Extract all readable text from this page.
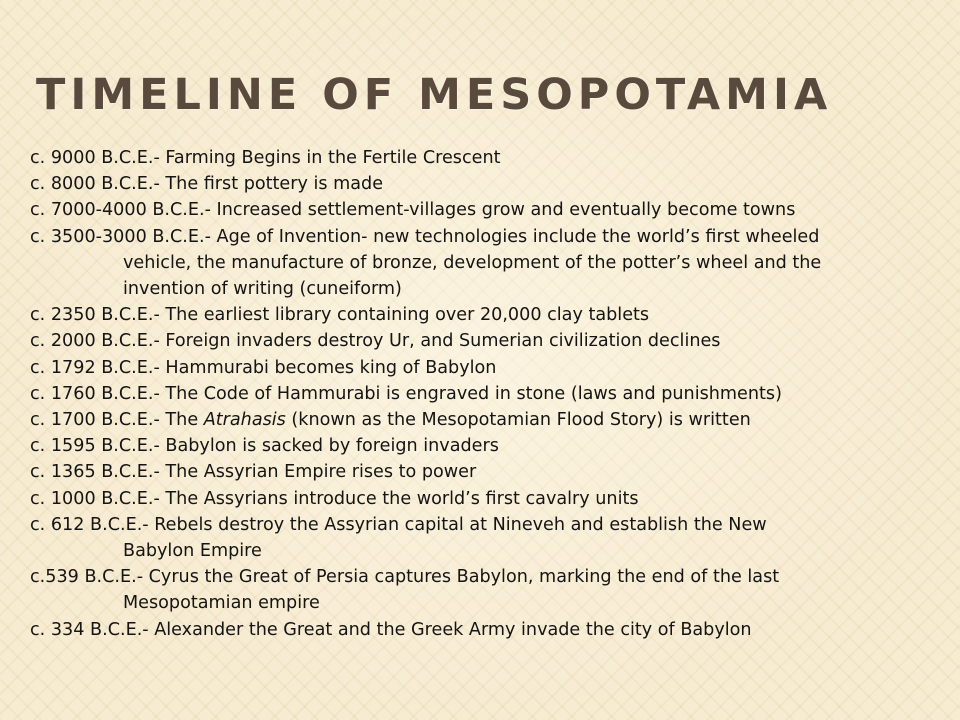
TIMELINE OF MESOPOTAMIA
c. 9000 B.C.E.- Farming Begins in the Fertile Crescent
c. 8000 B.C.E.- The first pottery is made
c. 7000-4000 B.C.E.- Increased settlement-villages grow and eventually become towns
c. 3500-3000 B.C.E.- Age of Invention- new technologies include the world’s first wheeled
vehicle, the manufacture of bronze, development of the potter’s wheel and the
invention of writing (cuneiform)
c. 2350 B.C.E.- The earliest library containing over 20,000 clay tablets
c. 2000 B.C.E.- Foreign invaders destroy Ur, and Sumerian civilization declines
c. 1792 B.C.E.- Hammurabi becomes king of Babylon
c. 1760 B.C.E.- The Code of Hammurabi is engraved in stone (laws and punishments)
c. 1700 B.C.E.- The Atrahasis (known as the Mesopotamian Flood Story) is written
c. 1595 B.C.E.- Babylon is sacked by foreign invaders
c. 1365 B.C.E.- The Assyrian Empire rises to power
c. 1000 B.C.E.- The Assyrians introduce the world’s first cavalry units
c. 612 B.C.E.- Rebels destroy the Assyrian capital at Nineveh and establish the New
Babylon Empire
c.539 B.C.E.- Cyrus the Great of Persia captures Babylon, marking the end of the last
Mesopotamian empire
c. 334 B.C.E.- Alexander the Great and the Greek Army invade the city of Babylon
